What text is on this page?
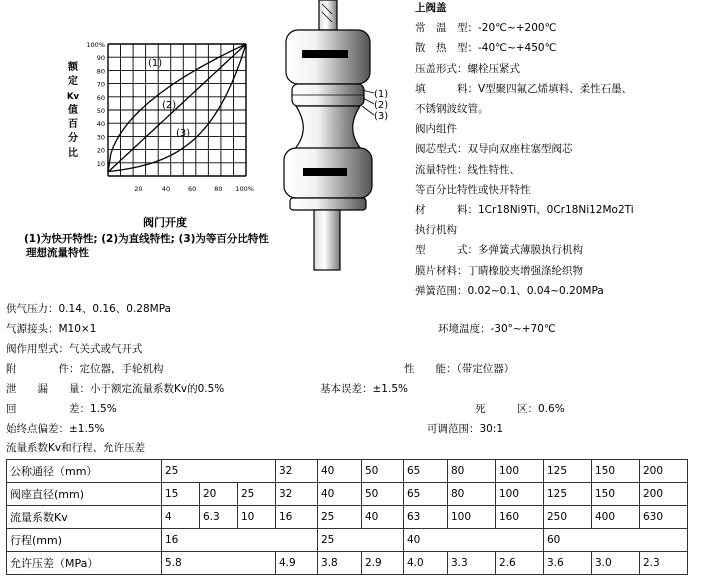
100%
90
80
70
60
50
40
30
20
10
20	40	60	80 100%
额
定
Kv
值
百
分
比
(1)
(2)
(3)
阀门开度
(1)为快开特性; (2)为直线特性; (3)为等百分比特性
理想流量特性
(1)
(2)
(3)
上阀盖
常　温　型：-20℃~+200℃
散　热　型：-40℃~+450℃
压盖形式：螺栓压紧式
填　　　料：V型聚四氟乙烯填料、柔性石墨、
不锈钢波纹管。
阀内组件
阀芯型式：双导向双座柱塞型阀芯
流量特性：线性特性、
等百分比特性或快开特性
材　　　料：1Cr18Ni9Ti、0Cr18Ni12Mo2Ti
执行机构
型　　　式：多弹簧式薄膜执行机构
膜片材料：丁睛橡胶夹增强涤纶织物
弹簧范围：0.02~0.1、0.04~0.20MPa
供气压力：0.14、0.16、0.28MPa
气源接头：M10×1	环境温度：-30°~+70℃
阀作用型式：气关式或气开式
附　　　　件：定位器，手轮机构	性　　能：（带定位器）
泄　　漏　　量：小于额定流量系数Kv的0.5%	基本误差：±1.5%
回　　　　　差：1.5%	死　　　区：0.6%
始终点偏差：±1.5%	可调范围：30:1
流量系数Kv和行程、允许压差
公称通径（mm）	25			32	40	50	65	80	100	125	150	200
阀座直径(mm)	15	20	25	32	40	50	65	80	100	125	150	200
流量系数Kv	4	6.3	10	16	25	40	63	100	160	250	400	630
行程(mm)	16				25		40			60		
允许压差（MPa）	5.8			4.9	3.8	2.9	4.0	3.3	2.6	3.6	3.0	2.3
